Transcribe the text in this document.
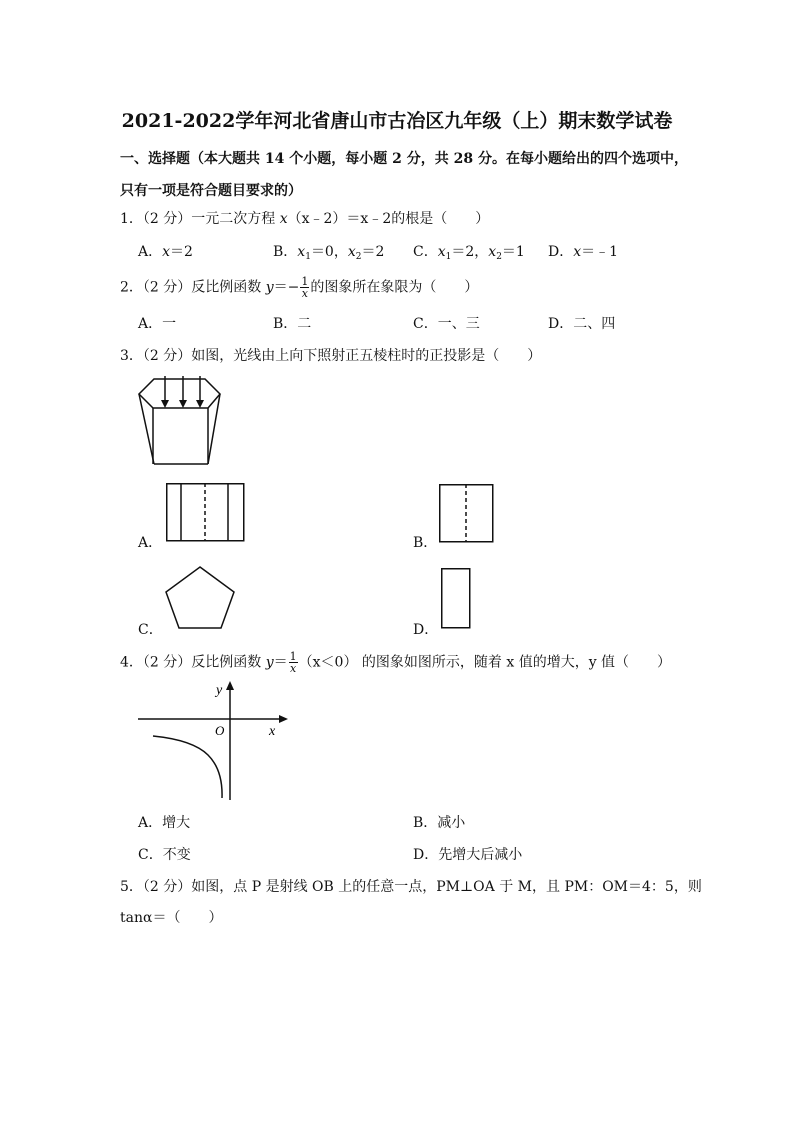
2021-2022学年河北省唐山市古冶区九年级（上）期末数学试卷
一、选择题（本大题共 14 个小题，每小题 2 分，共 28 分。在每小题给出的四个选项中，
只有一项是符合题目要求的）
1．（2 分）一元二次方程 x（x﹣2）＝x﹣2的根是（　　）
A．x＝2	B．$x_1=0$，$x_2=2$ C．$x_1=2$，$x_2=1$ D．x＝﹣1
2．（2 分）反比例函数 $y=- \frac{1}{x}$ 的图象所在象限为（　　）
A．一	B．二	C．一、三	D．二、四
3．（2 分）如图，光线由上向下照射正五棱柱时的正投影是（　　）
A．	B．
C．	D．
4．（2 分）反比例函数 $y= \frac{1}{x} (x<0)$ 的图象如图所示，随着 x 值的增大，y 值（　　）
y
x
O
A．增大	B．减小
C．不变	D．先增大后减小
5．（2 分）如图，点 P 是射线 OB 上的任意一点，PM⊥OA 于 M，且 PM：OM＝4：5，则
tanα＝（　　）
